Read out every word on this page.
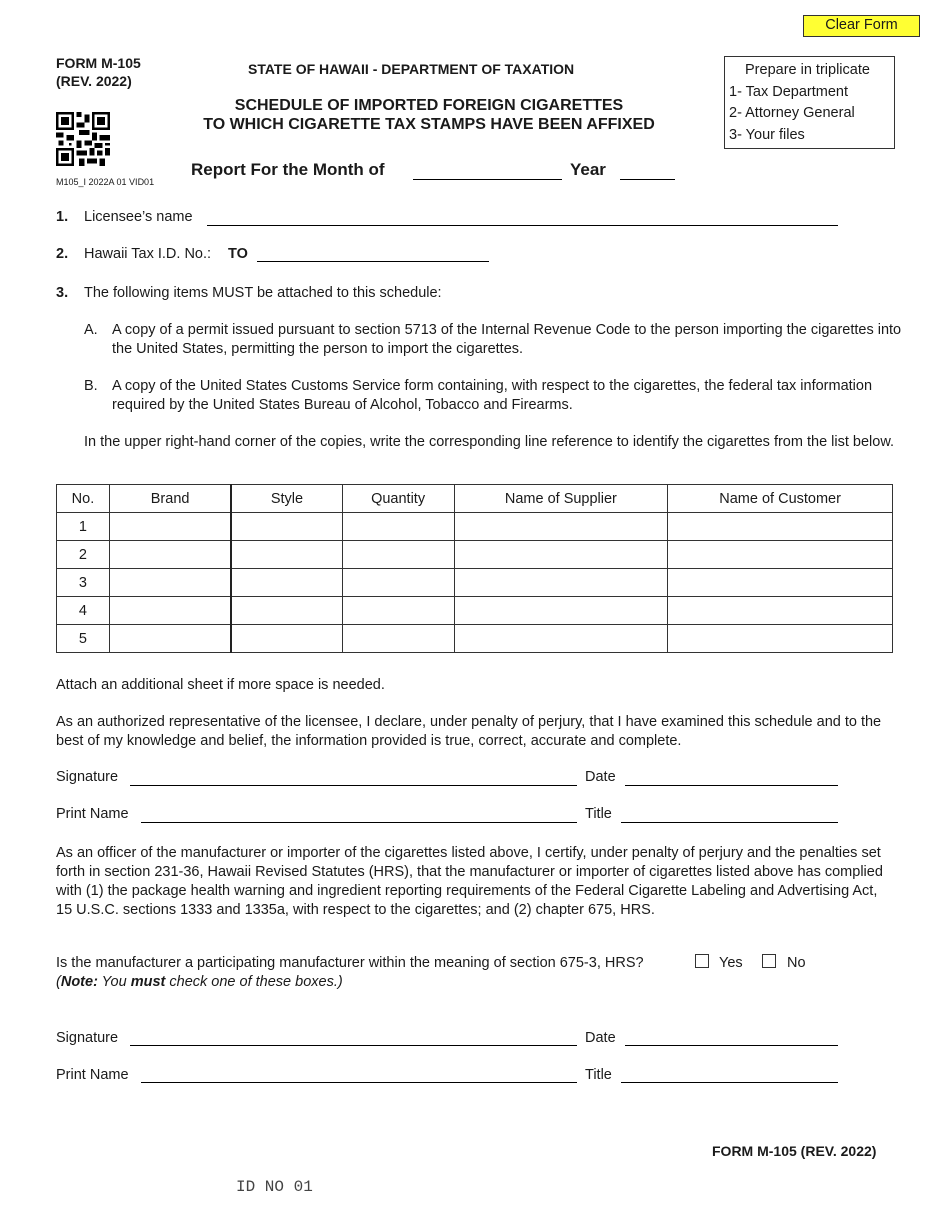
Clear Form
FORM M-105
(REV. 2022)
STATE OF HAWAII - DEPARTMENT OF TAXATION
SCHEDULE OF IMPORTED FOREIGN CIGARETTES
TO WHICH CIGARETTE TAX STAMPS HAVE BEEN AFFIXED
Prepare in triplicate
1- Tax Department
2- Attorney General
3- Your files
M105_I 2022A 01 VID01
Report For the Month of	Year
1. Licensee’s name
2. Hawaii Tax I.D. No.: TO
3. The following items MUST be attached to this schedule:
A. A copy of a permit issued pursuant to section 5713 of the Internal Revenue Code to the person importing the cigarettes into the United States, permitting the person to import the cigarettes.
B. A copy of the United States Customs Service form containing, with respect to the cigarettes, the federal tax information required by the United States Bureau of Alcohol, Tobacco and Firearms.
In the upper right-hand corner of the copies, write the corresponding line reference to identify the cigarettes from the list below.
No.	Brand	Style	Quantity	Name of Supplier	Name of Customer
1					
2					
3					
4					
5					
Attach an additional sheet if more space is needed.
As an authorized representative of the licensee, I declare, under penalty of perjury, that I have examined this schedule and to the best of my knowledge and belief, the information provided is true, correct, accurate and complete.
Signature	Date
Print Name	Title
As an officer of the manufacturer or importer of the cigarettes listed above, I certify, under penalty of perjury and the penalties set forth in section 231-36, Hawaii Revised Statutes (HRS), that the manufacturer or importer of cigarettes listed above has complied with (1) the package health warning and ingredient reporting requirements of the Federal Cigarette Labeling and Advertising Act, 15 U.S.C. sections 1333 and 1335a, with respect to the cigarettes; and (2) chapter 675, HRS.
Is the manufacturer a participating manufacturer within the meaning of section 675-3, HRS?	Yes	No
(Note: You must check one of these boxes.)
Signature	Date
Print Name	Title
FORM M-105 (REV. 2022)
ID NO 01
